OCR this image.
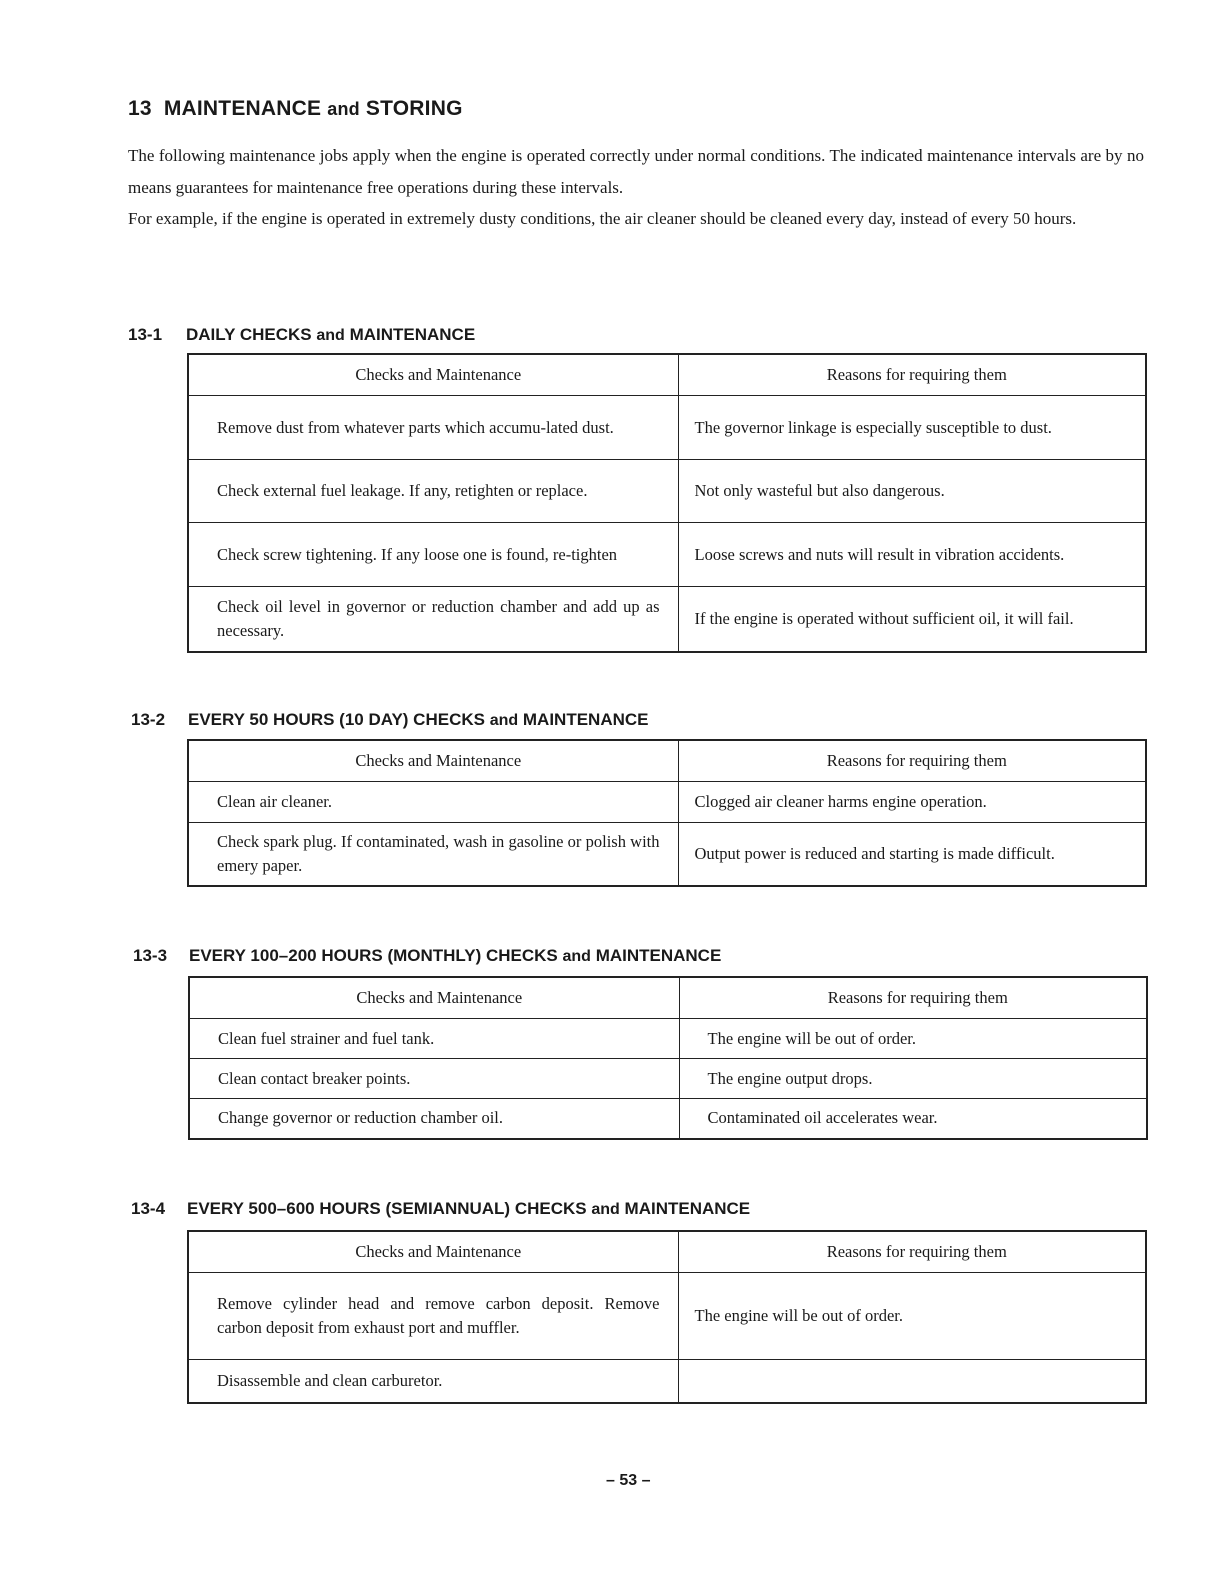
13 MAINTENANCE and STORING

The following maintenance jobs apply when the engine is operated correctly under normal conditions. The indicated maintenance intervals are by no means guarantees for maintenance free operations during these intervals.

For example, if the engine is operated in extremely dusty conditions, the air cleaner should be cleaned every day, instead of every 50 hours.

13-1 DAILY CHECKS and MAINTENANCE
Checks and Maintenance	Reasons for requiring them
Remove dust from whatever parts which accumu-lated dust.	The governor linkage is especially susceptible to dust.
Check external fuel leakage. If any, retighten or replace.	Not only wasteful but also dangerous.
Check screw tightening. If any loose one is found, re-tighten	Loose screws and nuts will result in vibration accidents.
Check oil level in governor or reduction chamber and add up as necessary.	If the engine is operated without sufficient oil, it will fail.
13-2 EVERY 50 HOURS (10 DAY) CHECKS and MAINTENANCE
Checks and Maintenance	Reasons for requiring them
Clean air cleaner.	Clogged air cleaner harms engine operation.
Check spark plug. If contaminated, wash in gasoline or polish with emery paper.	Output power is reduced and starting is made difficult.
13-3 EVERY 100–200 HOURS (MONTHLY) CHECKS and MAINTENANCE
Checks and Maintenance	Reasons for requiring them
Clean fuel strainer and fuel tank.	The engine will be out of order.
Clean contact breaker points.	The engine output drops.
Change governor or reduction chamber oil.	Contaminated oil accelerates wear.
13-4 EVERY 500–600 HOURS (SEMIANNUAL) CHECKS and MAINTENANCE
Checks and Maintenance	Reasons for requiring them
Remove cylinder head and remove carbon deposit. Remove carbon deposit from exhaust port and muffler.	The engine will be out of order.
Disassemble and clean carburetor.	
– 53 –
